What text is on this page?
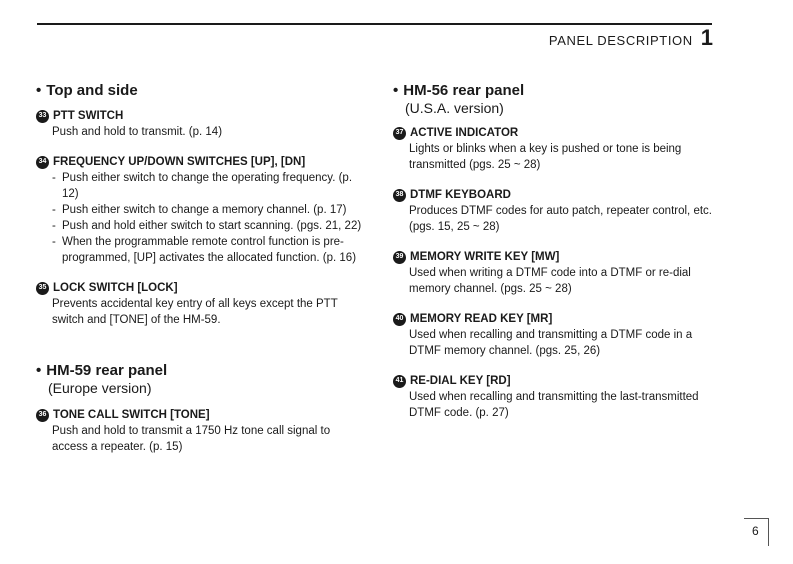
PANEL DESCRIPTION 1
• Top and side
33 PTT SWITCH
Push and hold to transmit. (p. 14)
34 FREQUENCY UP/DOWN SWITCHES [UP], [DN]
- Push either switch to change the operating frequency. (p. 12)
- Push either switch to change a memory channel. (p. 17)
- Push and hold either switch to start scanning. (pgs. 21, 22)
- When the programmable remote control function is pre-programmed, [UP] activates the allocated function. (p. 16)
35 LOCK SWITCH [LOCK]
Prevents accidental key entry of all keys except the PTT switch and [TONE] of the HM-59.
• HM-59 rear panel

(Europe version)

36 TONE CALL SWITCH [TONE]
Push and hold to transmit a 1750 Hz tone call signal to access a repeater. (p. 15)
• HM-56 rear panel

(U.S.A. version)

37 ACTIVE INDICATOR
Lights or blinks when a key is pushed or tone is being transmitted (pgs. 25 ~ 28)
38 DTMF KEYBOARD
Produces DTMF codes for auto patch, repeater control, etc. (pgs. 15, 25 ~ 28)
39 MEMORY WRITE KEY [MW]
Used when writing a DTMF code into a DTMF or re-dial memory channel. (pgs. 25 ~ 28)
40 MEMORY READ KEY [MR]
Used when recalling and transmitting a DTMF code in a DTMF memory channel. (pgs. 25, 26)
41 RE-DIAL KEY [RD]
Used when recalling and transmitting the last-transmitted DTMF code. (p. 27)
6
